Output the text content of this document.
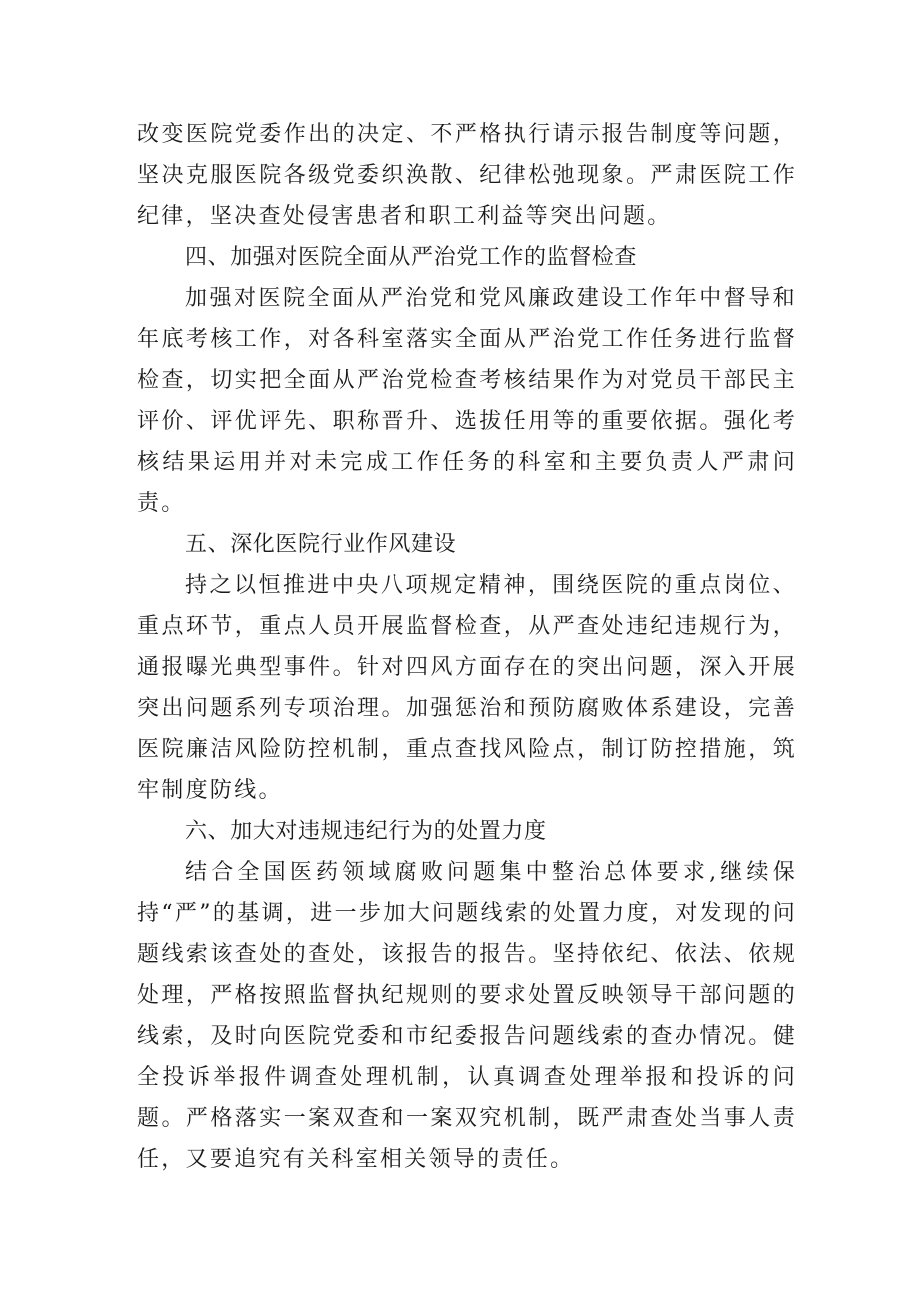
改变医院党委作出的决定、不严格执行请示报告制度等问题，坚决克服医院各级党委织涣散、纪律松弛现象。严肃医院工作纪律，坚决查处侵害患者和职工利益等突出问题。

四、加强对医院全面从严治党工作的监督检查

加强对医院全面从严治党和党风廉政建设工作年中督导和年底考核工作，对各科室落实全面从严治党工作任务进行监督检查，切实把全面从严治党检查考核结果作为对党员干部民主评价、评优评先、职称晋升、选拔任用等的重要依据。强化考核结果运用并对未完成工作任务的科室和主要负责人严肃问责。

五、深化医院行业作风建设

持之以恒推进中央八项规定精神，围绕医院的重点岗位、重点环节，重点人员开展监督检查，从严查处违纪违规行为，通报曝光典型事件。针对四风方面存在的突出问题，深入开展突出问题系列专项治理。加强惩治和预防腐败体系建设，完善医院廉洁风险防控机制，重点查找风险点，制订防控措施，筑牢制度防线。

六、加大对违规违纪行为的处置力度

结合全国医药领域腐败问题集中整治总体要求,继续保持“严”的基调，进一步加大问题线索的处置力度，对发现的问题线索该查处的查处，该报告的报告。坚持依纪、依法、依规处理，严格按照监督执纪规则的要求处置反映领导干部问题的线索，及时向医院党委和市纪委报告问题线索的查办情况。健全投诉举报件调查处理机制，认真调查处理举报和投诉的问题。严格落实一案双查和一案双究机制，既严肃查处当事人责任，又要追究有关科室相关领导的责任。
